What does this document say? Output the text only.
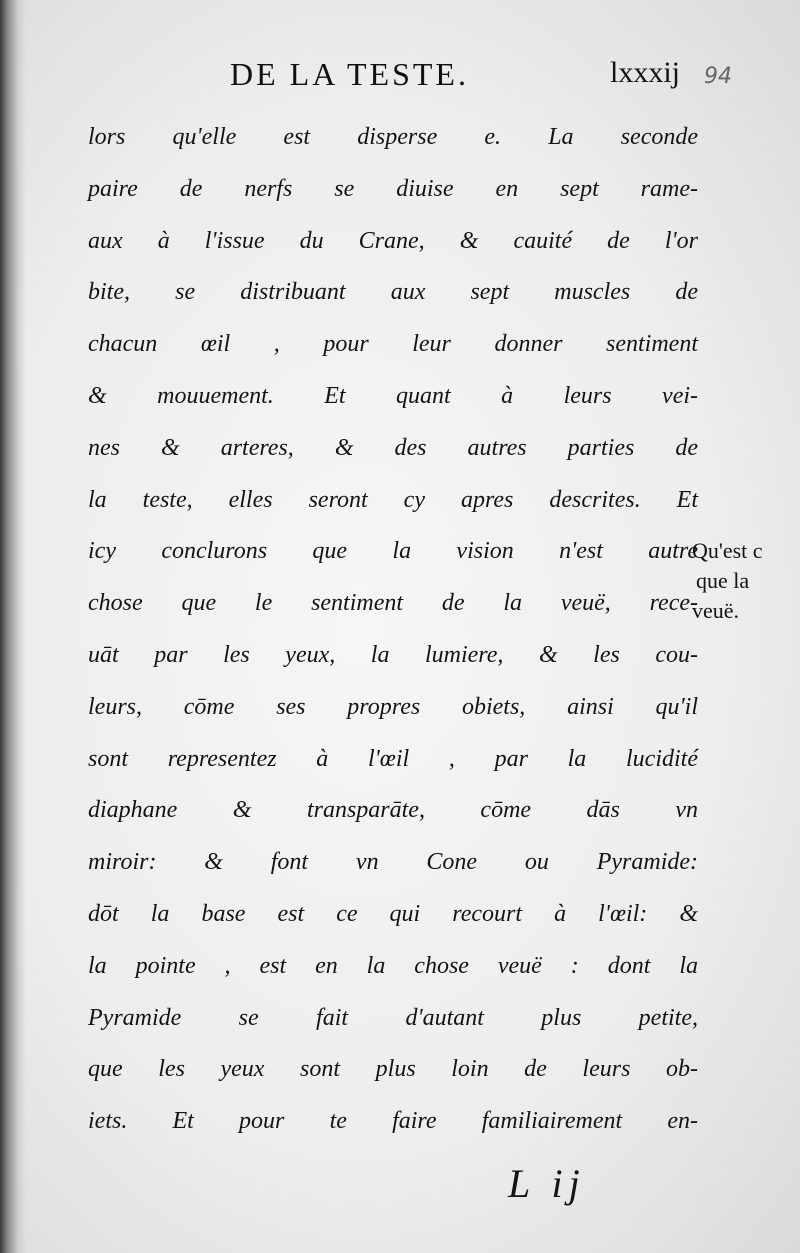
DE LA TESTE.	lxxxij 94
lors qu'elle est disperse e. La seconde
paire de nerfs se diuise en sept rame-
aux à l'issue du Crane, & cauité de l'or
bite, se distribuant aux sept muscles de
chacun œil , pour leur donner sentiment
& mouuement. Et quant à leurs vei-
nes & arteres, & des autres parties de
la teste, elles seront cy apres descrites. Et
icy conclurons que la vision n'est autre
chose que le sentiment de la veuë, rece-
uāt par les yeux, la lumiere, & les cou-
leurs, cōme ses propres obiets, ainsi qu'il
sont representez à l'œil , par la lucidité
diaphane & transparāte, cōme dās vn
miroir: & font vn Cone ou Pyramide:
dōt la base est ce qui recourt à l'œil: &
la pointe , est en la chose veuë : dont la
Pyramide se fait d'autant plus petite,
que les yeux sont plus loin de leurs ob-
iets. Et pour te faire familiairement en-
Qu'est c
que la
veuë.
L ij
